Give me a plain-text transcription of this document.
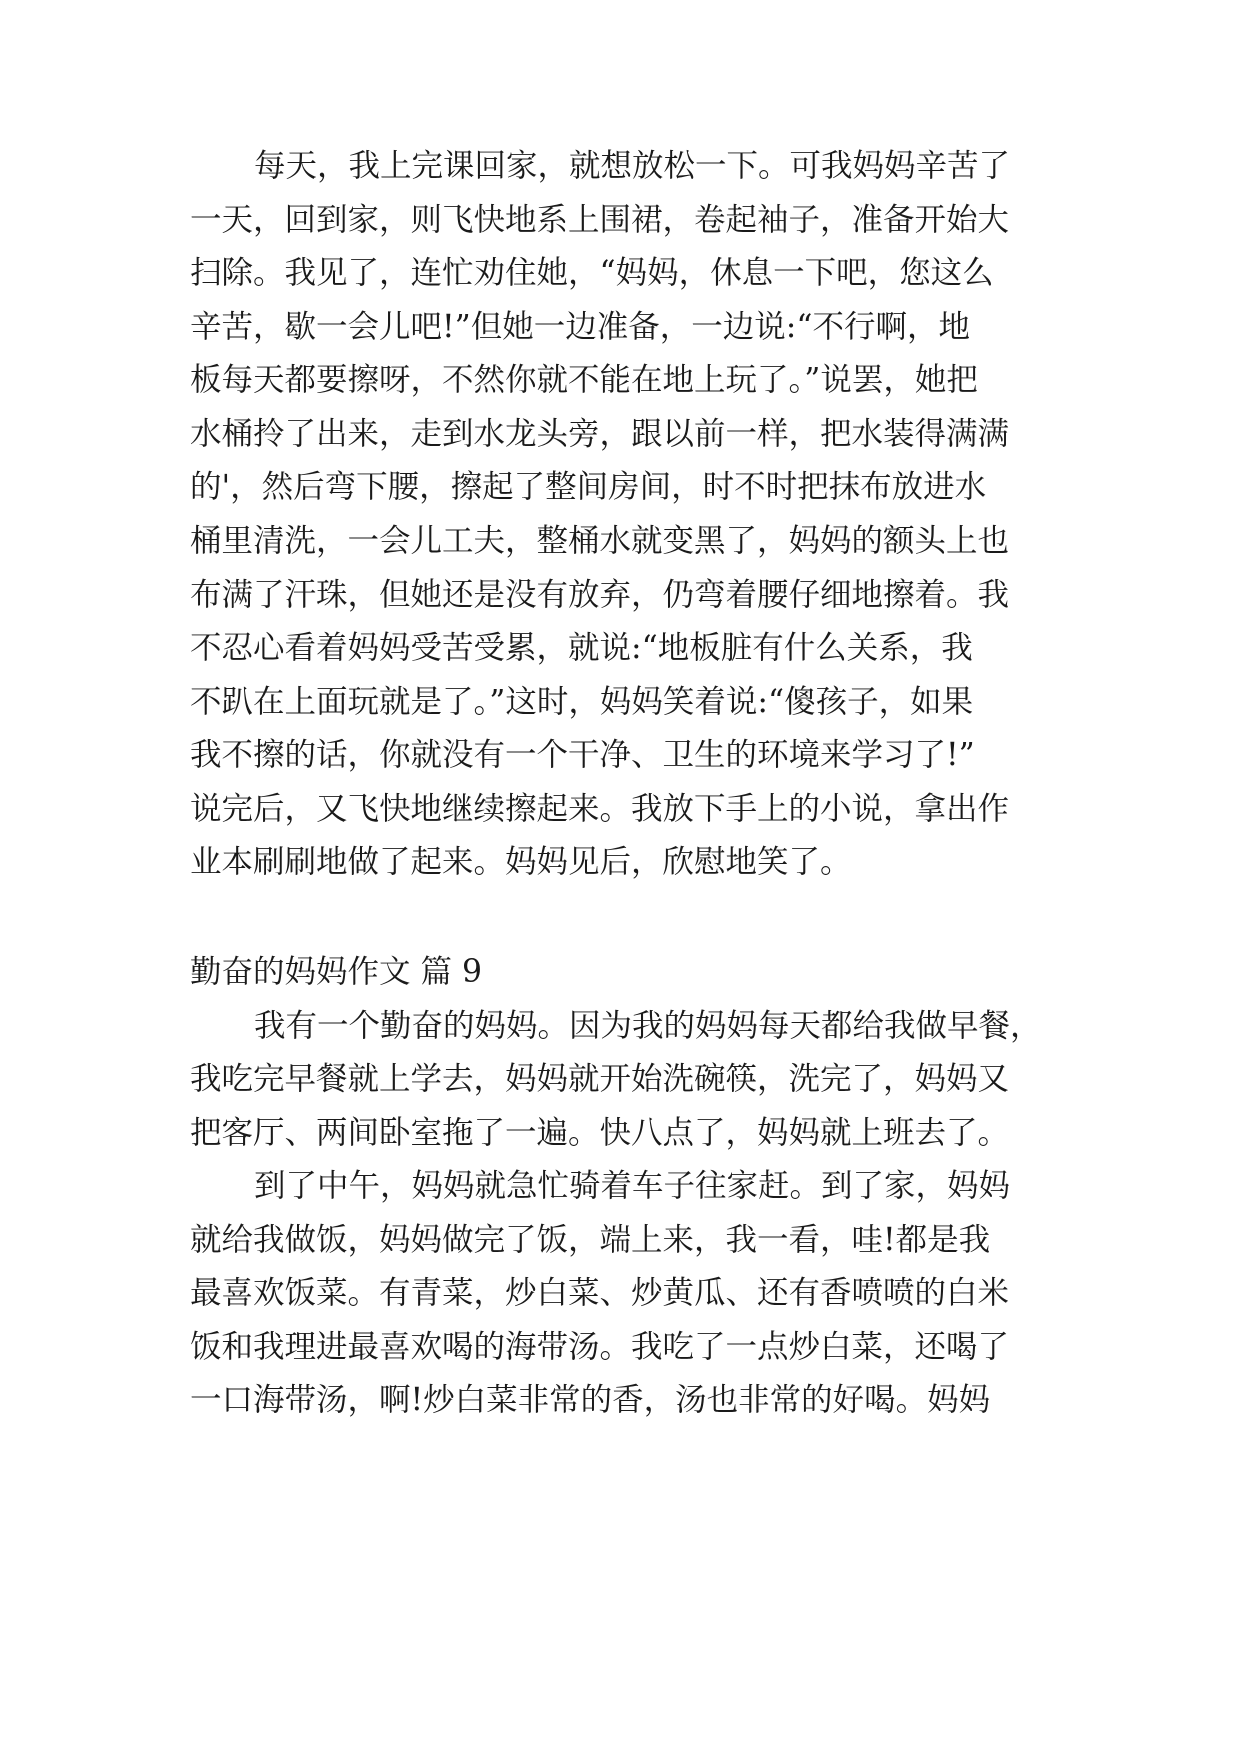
每天，我上完课回家，就想放松一下。可我妈妈辛苦了
一天，回到家，则飞快地系上围裙，卷起袖子，准备开始大
扫除。我见了，连忙劝住她，“妈妈，休息一下吧，您这么
辛苦，歇一会儿吧!”但她一边准备，一边说:“不行啊，地
板每天都要擦呀，不然你就不能在地上玩了。”说罢，她把
水桶拎了出来，走到水龙头旁，跟以前一样，把水装得满满
的'，然后弯下腰，擦起了整间房间，时不时把抹布放进水
桶里清洗，一会儿工夫，整桶水就变黑了，妈妈的额头上也
布满了汗珠，但她还是没有放弃，仍弯着腰仔细地擦着。我
不忍心看着妈妈受苦受累，就说:“地板脏有什么关系，我
不趴在上面玩就是了。”这时，妈妈笑着说:“傻孩子，如果
我不擦的话，你就没有一个干净、卫生的环境来学习了!”
说完后，又飞快地继续擦起来。我放下手上的小说，拿出作
业本刷刷地做了起来。妈妈见后，欣慰地笑了。
勤奋的妈妈作文 篇 9
我有一个勤奋的妈妈。因为我的妈妈每天都给我做早餐，
我吃完早餐就上学去，妈妈就开始洗碗筷，洗完了，妈妈又
把客厅、两间卧室拖了一遍。快八点了，妈妈就上班去了。
到了中午，妈妈就急忙骑着车子往家赶。到了家，妈妈
就给我做饭，妈妈做完了饭，端上来，我一看，哇!都是我
最喜欢饭菜。有青菜，炒白菜、炒黄瓜、还有香喷喷的白米
饭和我理进最喜欢喝的海带汤。我吃了一点炒白菜，还喝了
一口海带汤，啊!炒白菜非常的香，汤也非常的好喝。妈妈
